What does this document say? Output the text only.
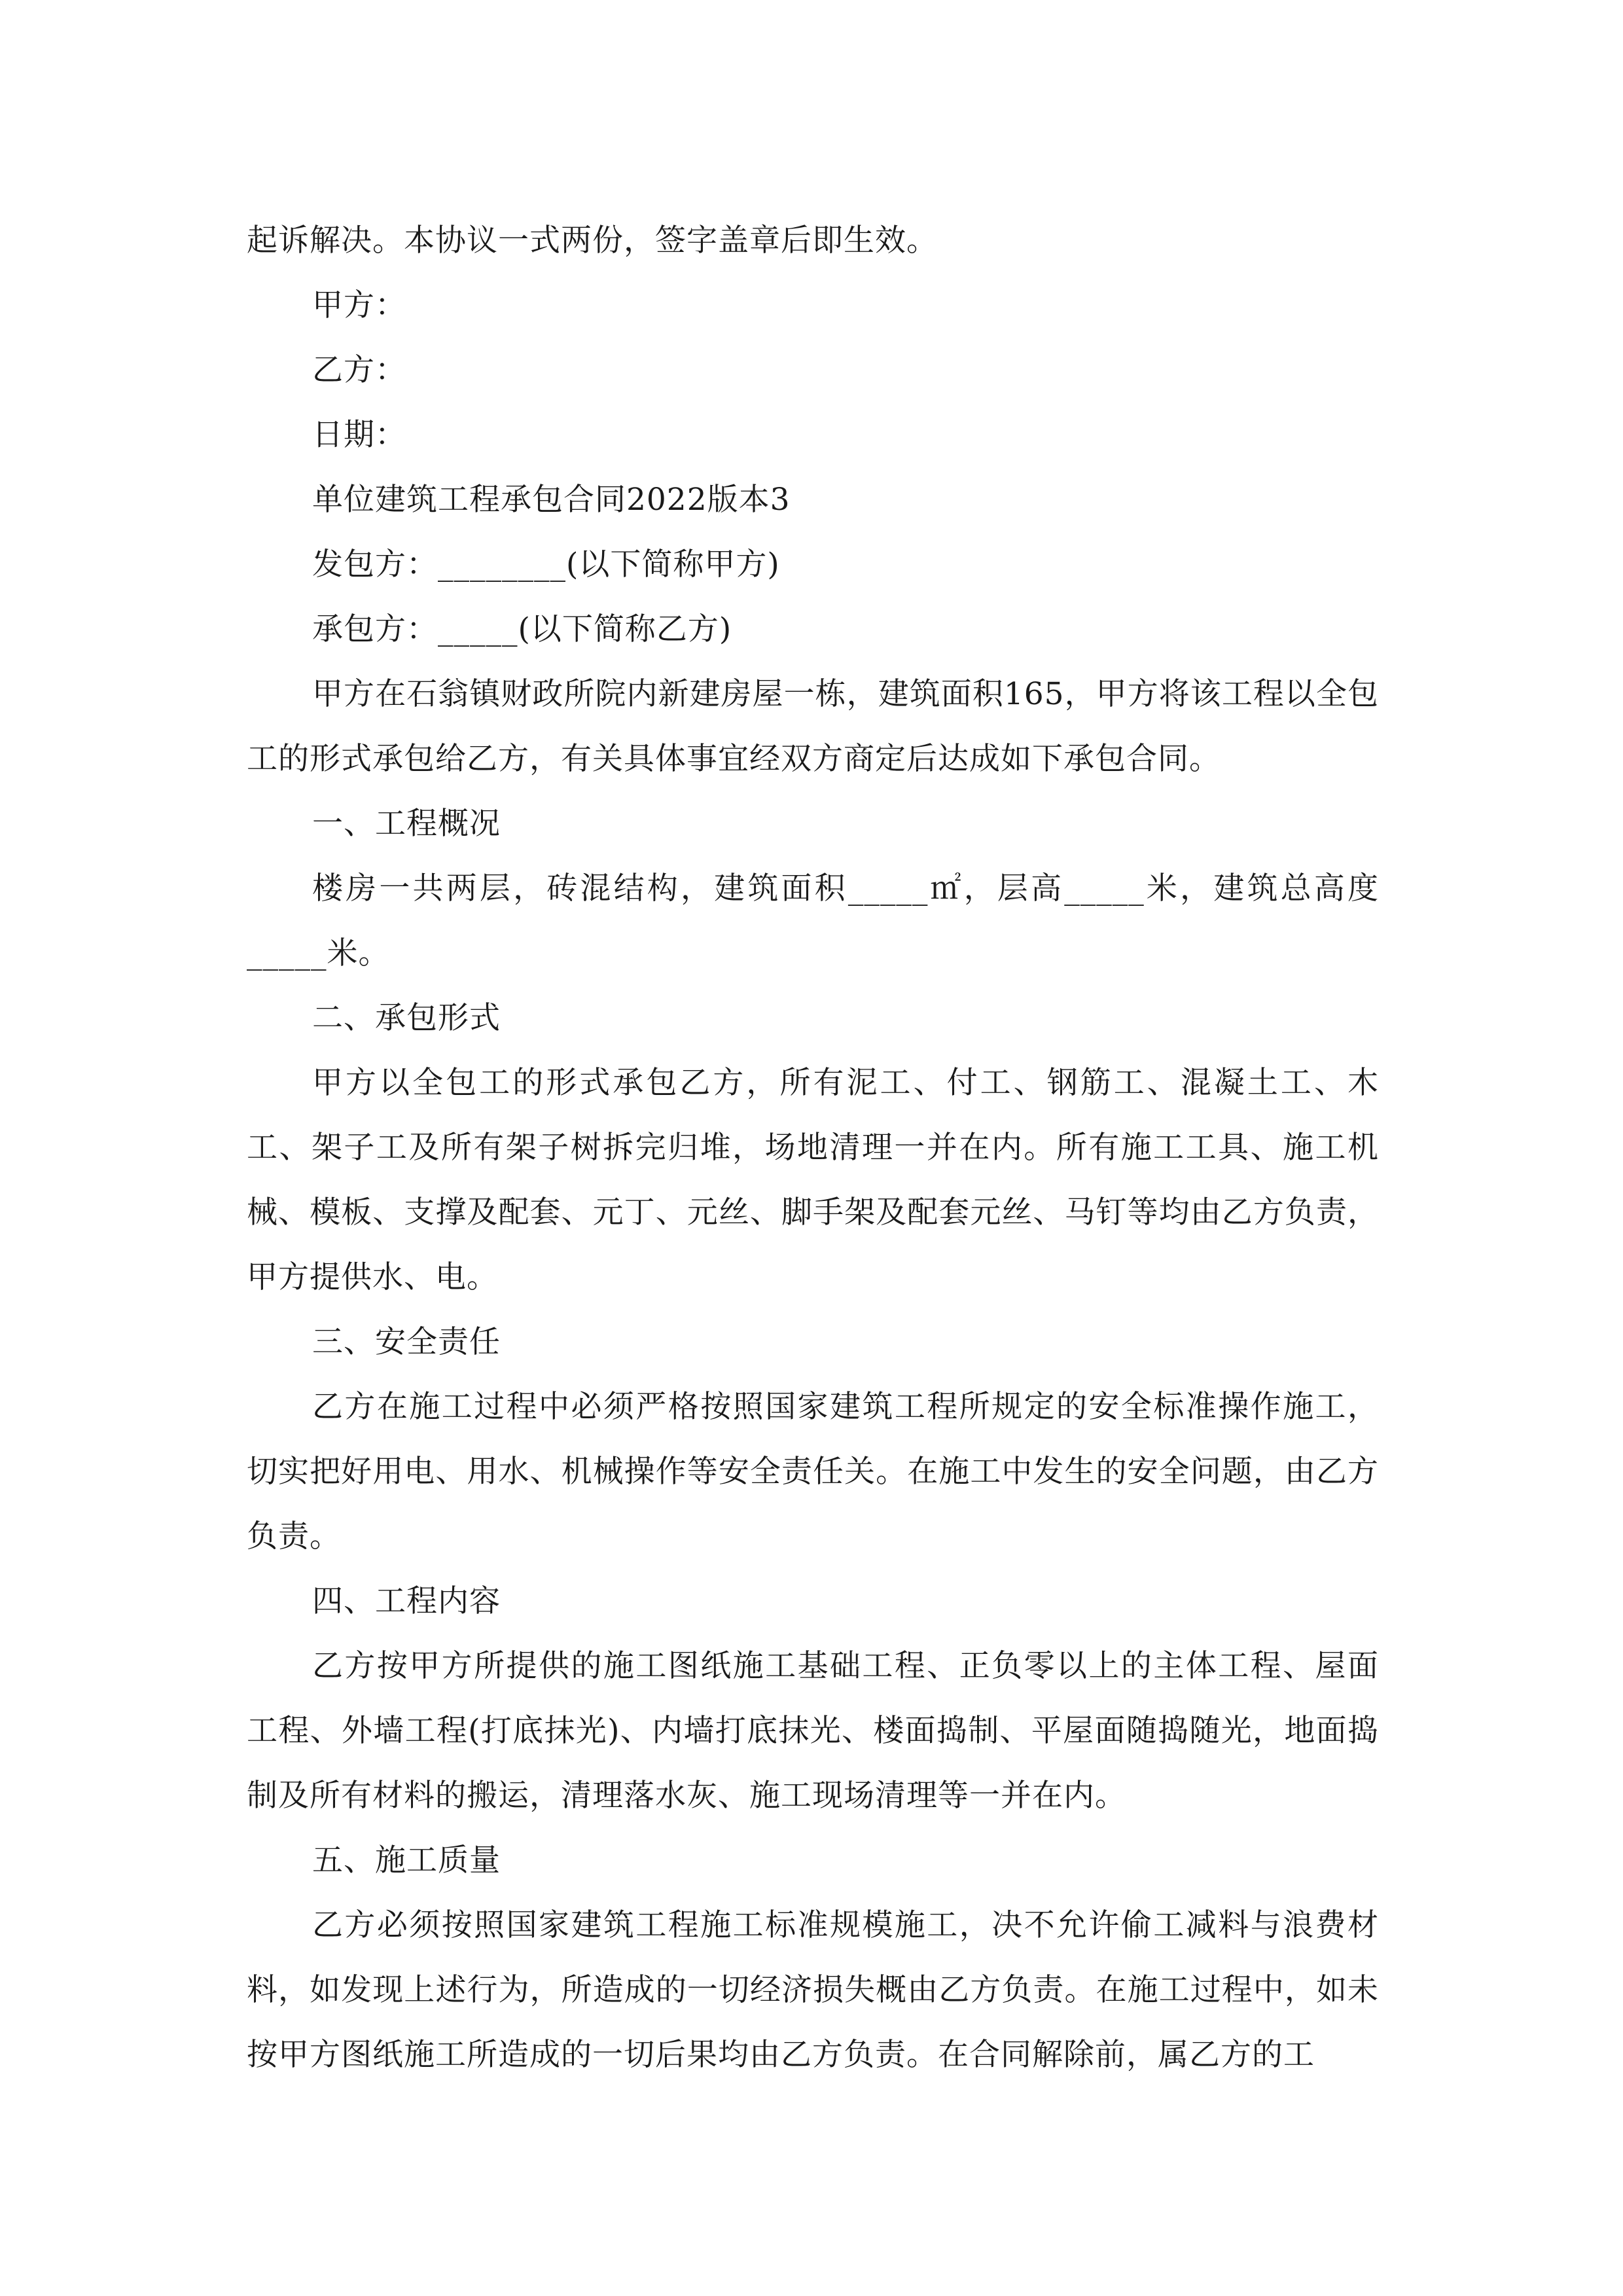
起诉解决。本协议一式两份，签字盖章后即生效。

甲方：

乙方：

日期：

单位建筑工程承包合同2022版本3

发包方：________(以下简称甲方)

承包方：_____(以下简称乙方)

甲方在石翁镇财政所院内新建房屋一栋，建筑面积165，甲方将该工程以全包工的形式承包给乙方，有关具体事宜经双方商定后达成如下承包合同。

一、工程概况

楼房一共两层，砖混结构，建筑面积_____㎡，层高_____米，建筑总高度_____米。

二、承包形式

甲方以全包工的形式承包乙方，所有泥工、付工、钢筋工、混凝土工、木工、架子工及所有架子树拆完归堆，场地清理一并在内。所有施工工具、施工机械、模板、支撑及配套、元丁、元丝、脚手架及配套元丝、马钉等均由乙方负责，甲方提供水、电。

三、安全责任

乙方在施工过程中必须严格按照国家建筑工程所规定的安全标准操作施工，切实把好用电、用水、机械操作等安全责任关。在施工中发生的安全问题，由乙方负责。

四、工程内容

乙方按甲方所提供的施工图纸施工基础工程、正负零以上的主体工程、屋面工程、外墙工程(打底抹光)、内墙打底抹光、楼面捣制、平屋面随捣随光，地面捣制及所有材料的搬运，清理落水灰、施工现场清理等一并在内。

五、施工质量

乙方必须按照国家建筑工程施工标准规模施工，决不允许偷工减料与浪费材料，如发现上述行为，所造成的一切经济损失概由乙方负责。在施工过程中，如未按甲方图纸施工所造成的一切后果均由乙方负责。在合同解除前，属乙方的工
